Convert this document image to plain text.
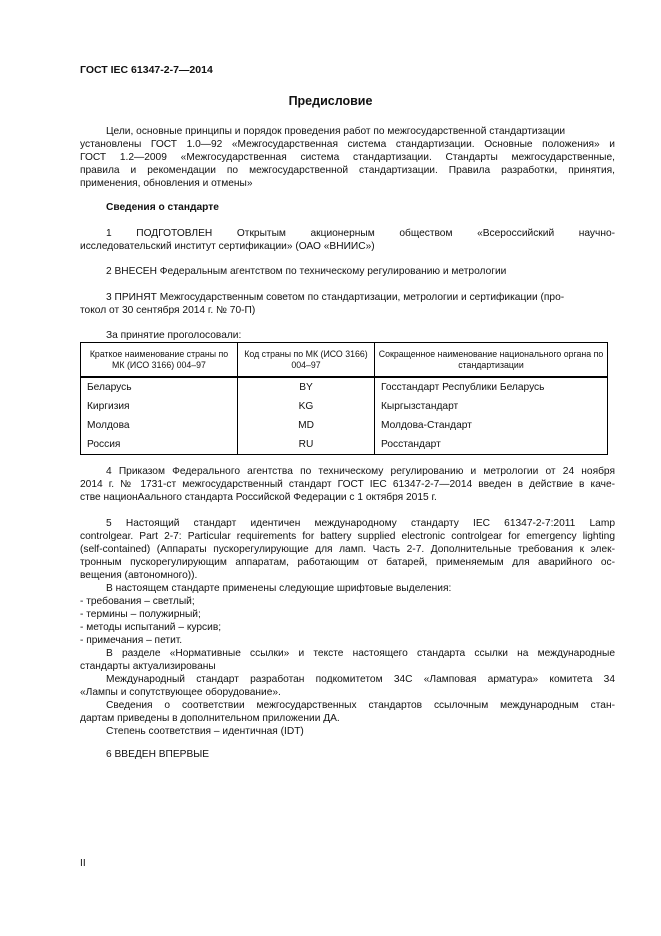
ГОСТ IEC 61347-2-7—2014
Предисловие
Цели, основные принципы и порядок проведения работ по межгосударственной стандартизации
установлены ГОСТ 1.0—92 «Межгосударственная система стандартизации. Основные положения» и
ГОСТ 1.2—2009 «Межгосударственная система стандартизации. Стандарты межгосударственные,
правила и рекомендации по межгосударственной стандартизации. Правила разработки, принятия,
применения, обновления и отмены»
Сведения о стандарте
1 ПОДГОТОВЛЕН Открытым акционерным обществом «Всероссийский научно-
исследовательский институт сертификации» (ОАО «ВНИИС»)
2 ВНЕСЕН Федеральным агентством по техническому регулированию и метрологии
3 ПРИНЯТ Межгосударственным советом по стандартизации, метрологии и сертификации (про-
токол от 30 сентября 2014 г. № 70-П)
За принятие проголосовали:
Краткое наименование страны по МК (ИСО 3166) 004–97	Код страны по МК (ИСО 3166) 004–97	Сокращенное наименование национального органа по стандартизации
Беларусь	BY	Госстандарт Республики Беларусь
Киргизия	KG	Кыргызстандарт
Молдова	MD	Молдова-Стандарт
Россия	RU	Росстандарт
4 Приказом Федерального агентства по техническому регулированию и метрологии от 24 ноября
2014 г. № 1731-ст межгосударственный стандарт ГОСТ IEC 61347-2-7—2014 введен в действие в каче-
стве национАального стандарта Российской Федерации с 1 октября 2015 г.
5 Настоящий стандарт идентичен международному стандарту IEC 61347-2-7:2011 Lamp
controlgear. Part 2-7: Particular requirements for battery supplied electronic controlgear for emergency lighting
(self-contained) (Аппараты пускорегулирующие для ламп. Часть 2-7. Дополнительные требования к элек-
тронным пускорегулирующим аппаратам, работающим от батарей, применяемым для аварийного ос-
вещения (автономного)).
В настоящем стандарте применены следующие шрифтовые выделения:
- требования – светлый;
- термины – полужирный;
- методы испытаний – курсив;
- примечания – петит.
В разделе «Нормативные ссылки» и тексте настоящего стандарта ссылки на международные
стандарты актуализированы
Международный стандарт разработан подкомитетом 34С «Ламповая арматура» комитета 34
«Лампы и сопутствующее оборудование».
Сведения о соответствии межгосударственных стандартов ссылочным международным стан-
дартам приведены в дополнительном приложении ДА.
Степень соответствия – идентичная (IDT)
6 ВВЕДЕН ВПЕРВЫЕ
II
